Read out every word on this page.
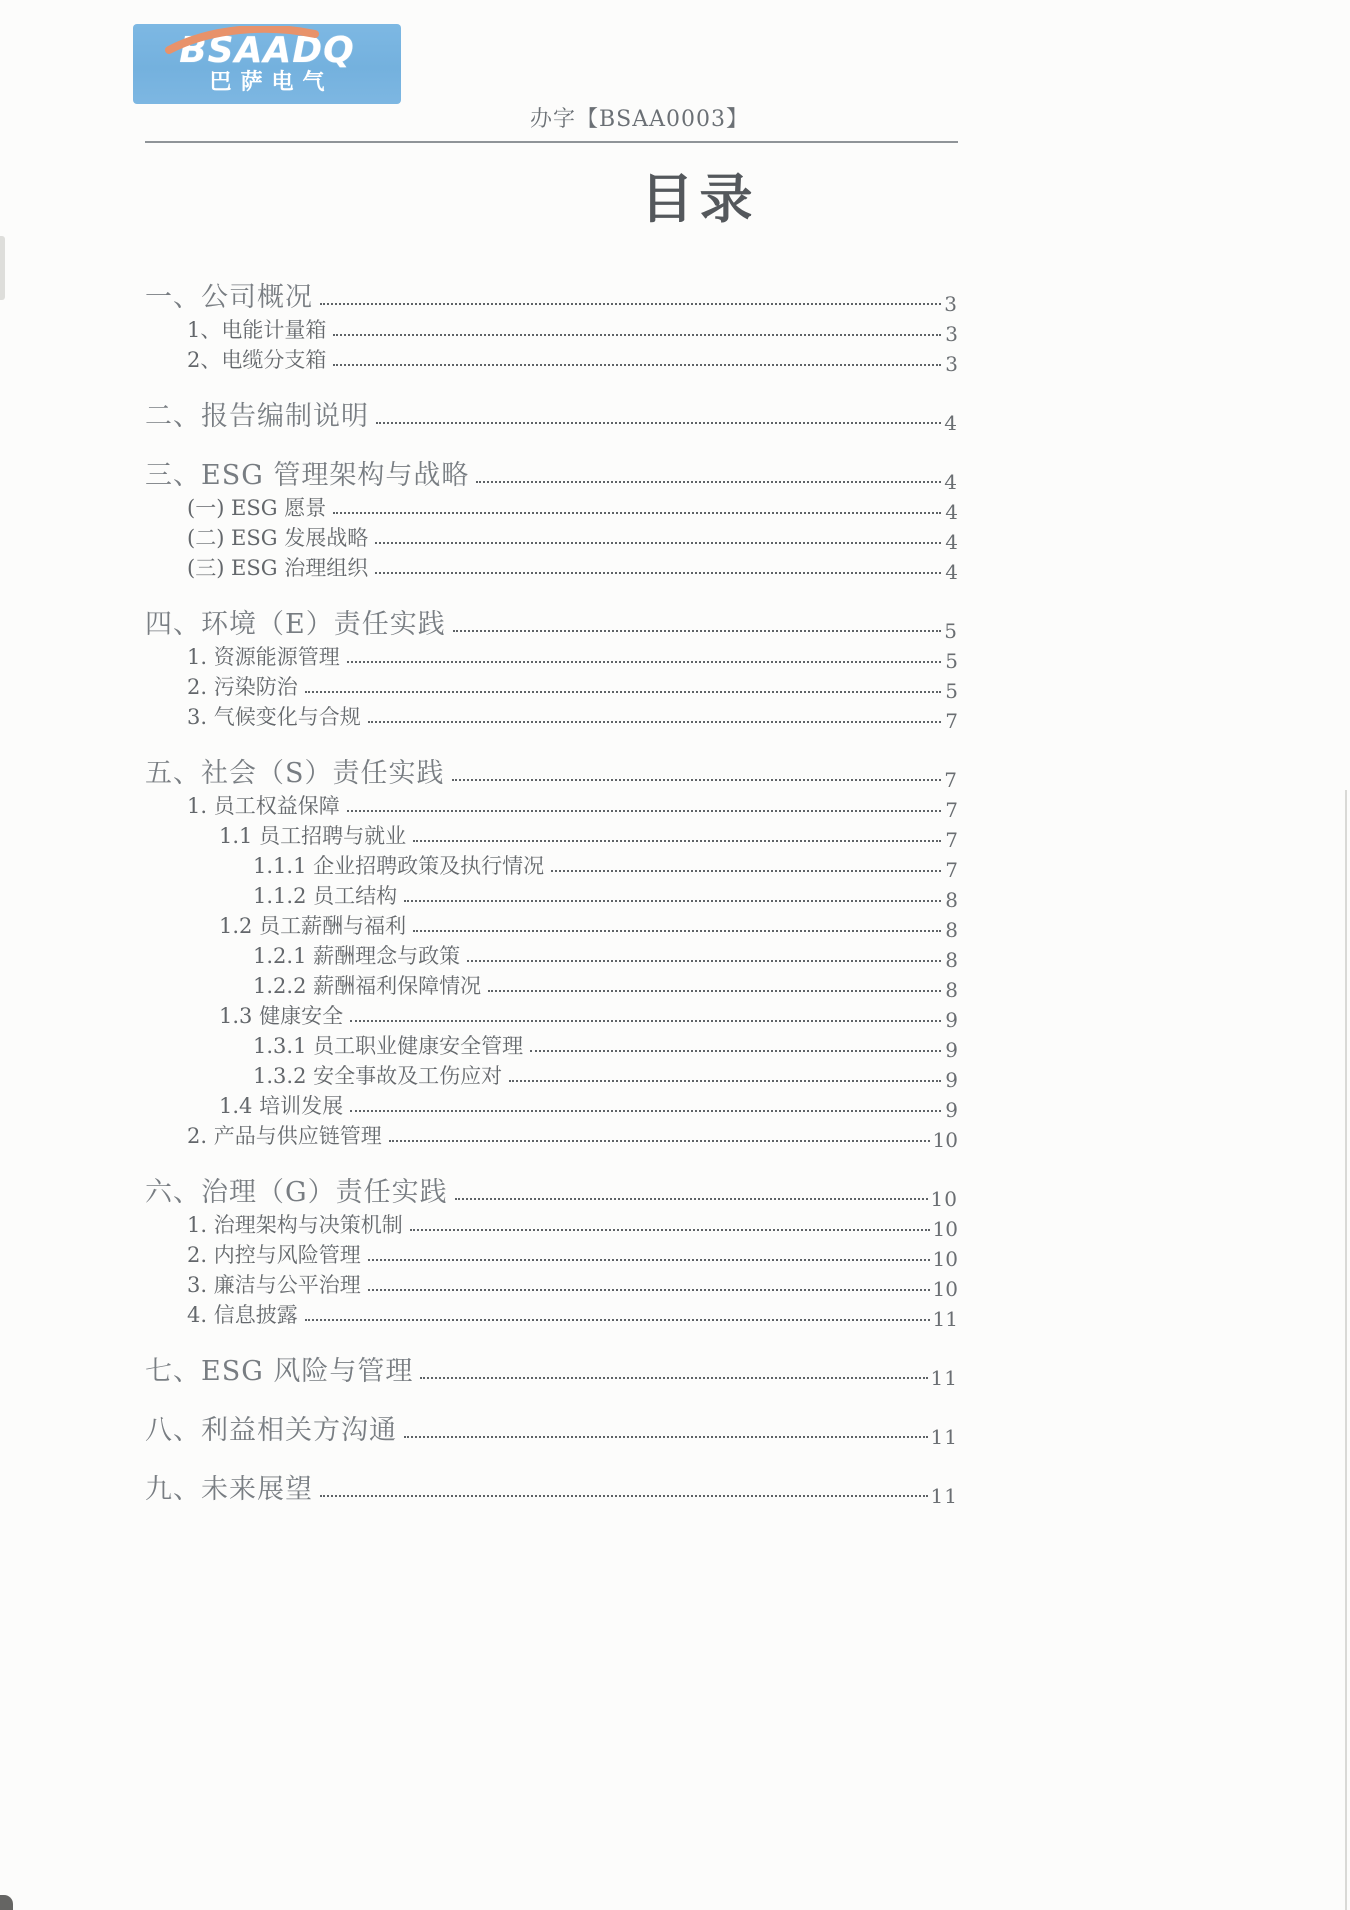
BSAADQ
巴萨电气
办字【BSAA0003】
目录
一、公司概况	3
1、电能计量箱	3
2、电缆分支箱	3
二、报告编制说明	4
三、ESG 管理架构与战略	4
(一) ESG 愿景	4
(二) ESG 发展战略	4
(三) ESG 治理组织	4
四、环境（E）责任实践	5
1. 资源能源管理	5
2. 污染防治	5
3. 气候变化与合规	7
五、社会（S）责任实践	7
1. 员工权益保障	7
1.1 员工招聘与就业	7
1.1.1 企业招聘政策及执行情况	7
1.1.2 员工结构	8
1.2 员工薪酬与福利	8
1.2.1 薪酬理念与政策	8
1.2.2 薪酬福利保障情况	8
1.3 健康安全	9
1.3.1 员工职业健康安全管理	9
1.3.2 安全事故及工伤应对	9
1.4 培训发展	9
2. 产品与供应链管理	10
六、治理（G）责任实践	10
1. 治理架构与决策机制	10
2. 内控与风险管理	10
3. 廉洁与公平治理	10
4. 信息披露	11
七、ESG 风险与管理	11
八、利益相关方沟通	11
九、未来展望	11
